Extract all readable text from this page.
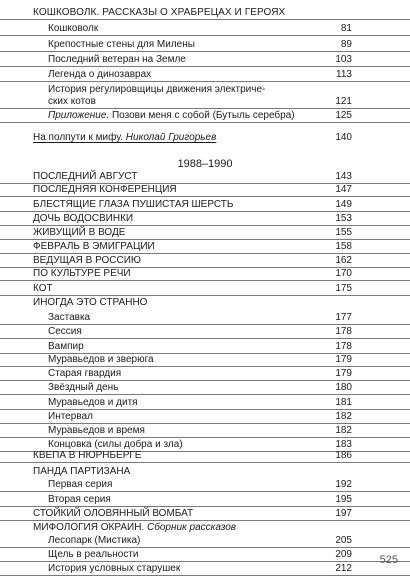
КОШКОВОЛК. РАССКАЗЫ О ХРАБРЕЦАХ И ГЕРОЯХ
Кошковолк	81
Крепостные стены для Милены	89
Последний ветеран на Земле	103
Легенда о динозаврах	113
История регулировщицы движения электриче-
ских котов	121
Приложение. Позови меня с собой (Бутыль серебра)	125
На полпути к мифу. Николай Григорьев	140
1988–1990
ПОСЛЕДНИЙ АВГУСТ	143
ПОСЛЕДНЯЯ КОНФЕРЕНЦИЯ	147
БЛЕСТЯЩИЕ ГЛАЗА ПУШИСТАЯ ШЕРСТЬ	149
ДОЧЬ ВОДОСВИНКИ	153
ЖИВУЩИЙ В ВОДЕ	155
ФЕВРАЛЬ В ЭМИГРАЦИИ	158
ВЕДУЩАЯ В РОССИЮ	162
ПО КУЛЬТУРЕ РЕЧИ	170
КОТ	175
ИНОГДА ЭТО СТРАННО
Заставка	177
Сессия	178
Вампир	178
Муравьедов и зверюга	179
Старая гвардия	179
Звёздный день	180
Муравьедов и дитя	181
Интервал	182
Муравьедов и время	182
Концовка (силы добра и зла)	183
КВЕПА В НЮРНБЕРГЕ	186
ПАНДА ПАРТИЗАНА
Первая серия	192
Вторая серия	195
СТОЙКИЙ ОЛОВЯННЫЙ ВОМБАТ	197
МИФОЛОГИЯ ОКРАИН. Сборник рассказов
Лесопарк (Мистика)	205
Щель в реальности	209
История условных старушек	212
525
